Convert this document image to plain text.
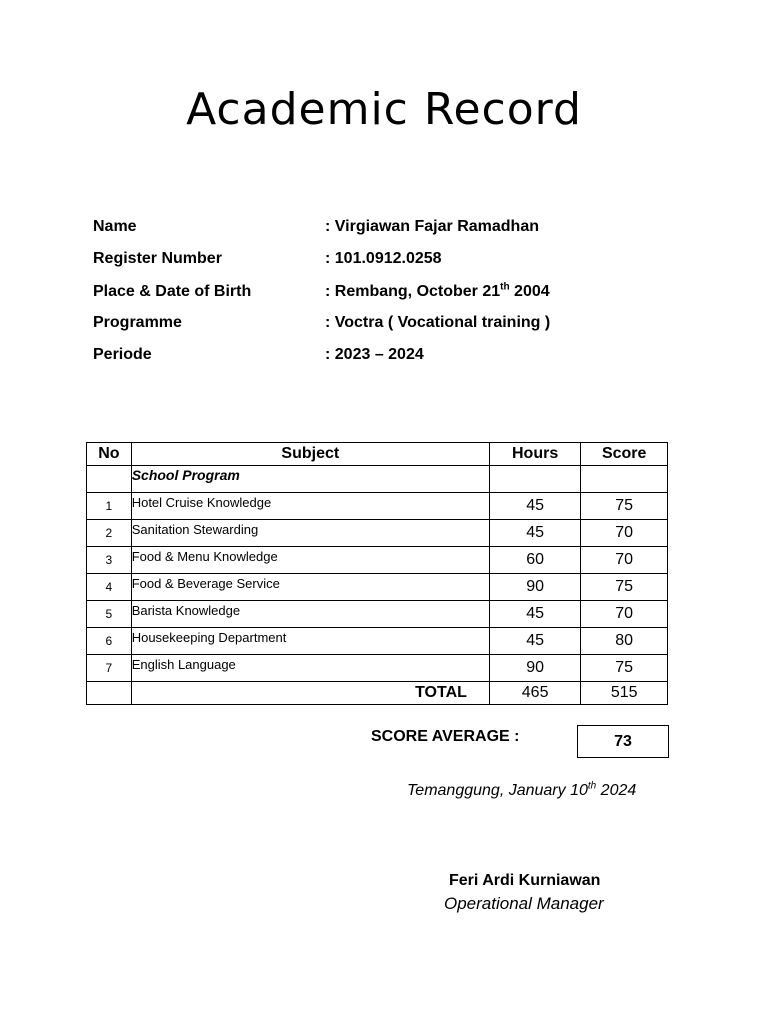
Academic Record
Name	: Virgiawan Fajar Ramadhan
Register Number	: 101.0912.0258
Place & Date of Birth	: Rembang, October 21th 2004
Programme	: Voctra ( Vocational training )
Periode	: 2023 – 2024
No	Subject	Hours	Score
	School Program		
1	Hotel Cruise Knowledge	45	75
2	Sanitation Stewarding	45	70
3	Food & Menu Knowledge	60	70
4	Food & Beverage Service	90	75
5	Barista Knowledge	45	70
6	Housekeeping Department	45	80
7	English Language	90	75
	TOTAL	465	515
SCORE AVERAGE :	73
Temanggung, January 10th 2024
Feri Ardi Kurniawan
Operational Manager
